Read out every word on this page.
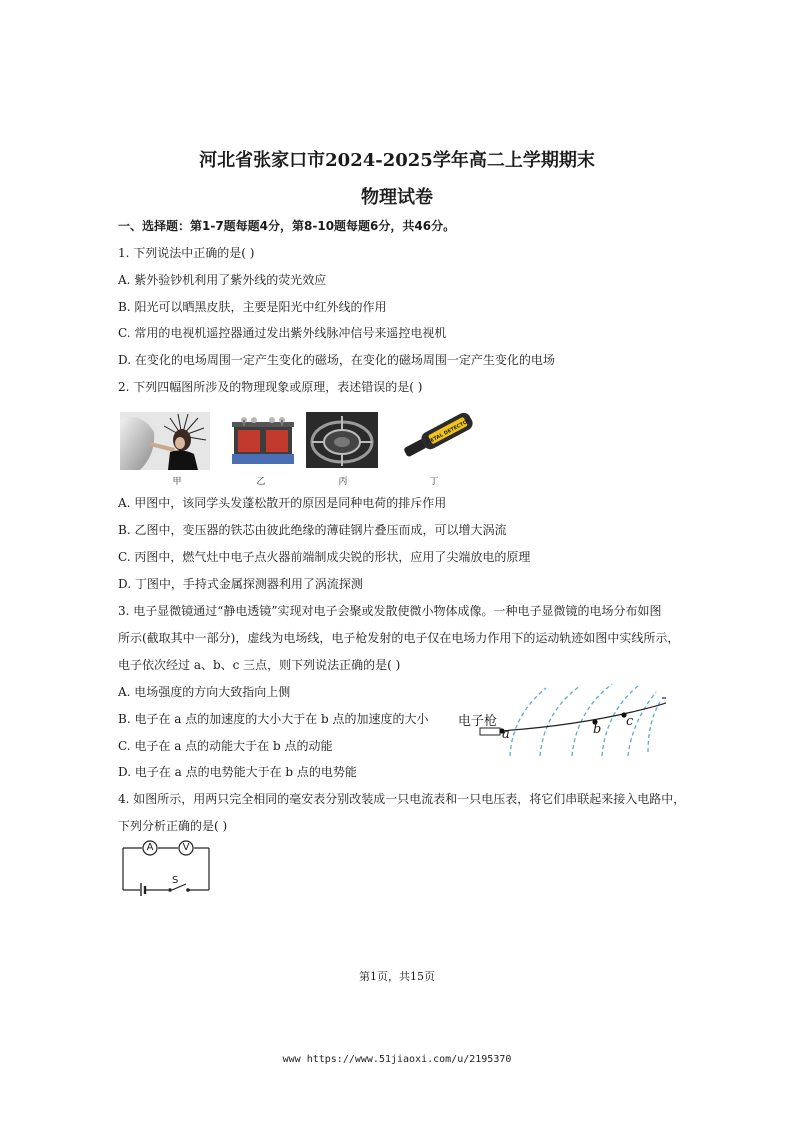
河北省张家口市2024-2025学年高二上学期期末
物理试卷
一、选择题：第1-7题每题4分，第8-10题每题6分，共46分。
1. 下列说法中正确的是( )
A. 紫外验钞机利用了紫外线的荧光效应
B. 阳光可以晒黑皮肤，主要是阳光中红外线的作用
C. 常用的电视机遥控器通过发出紫外线脉冲信号来遥控电视机
D. 在变化的电场周围一定产生变化的磁场，在变化的磁场周围一定产生变化的电场
2. 下列四幅图所涉及的物理现象或原理，表述错误的是( )
甲	乙	丙
METAL DETECTOR
丁
A. 甲图中，该同学头发蓬松散开的原因是同种电荷的排斥作用
B. 乙图中，变压器的铁芯由彼此绝缘的薄硅钢片叠压而成，可以增大涡流
C. 丙图中，燃气灶中电子点火器前端制成尖锐的形状，应用了尖端放电的原理
D. 丁图中，手持式金属探测器利用了涡流探测
3. 电子显微镜通过“静电透镜”实现对电子会聚或发散使微小物体成像。一种电子显微镜的电场分布如图
所示(截取其中一部分)，虚线为电场线，电子枪发射的电子仅在电场力作用下的运动轨迹如图中实线所示，
电子依次经过 a、b、c 三点，则下列说法正确的是( )
A. 电场强度的方向大致指向上侧
B. 电子在 a 点的加速度的大小大于在 b 点的加速度的大小
C. 电子在 a 点的动能大于在 b 点的动能
D. 电子在 a 点的电势能大于在 b 点的电势能
电子枪
a	b
c
4. 如图所示，用两只完全相同的毫安表分别改装成一只电流表和一只电压表，将它们串联起来接入电路中，
下列分析正确的是( )
A	V
S
第1页，共15页
www https://www.51jiaoxi.com/u/2195370
